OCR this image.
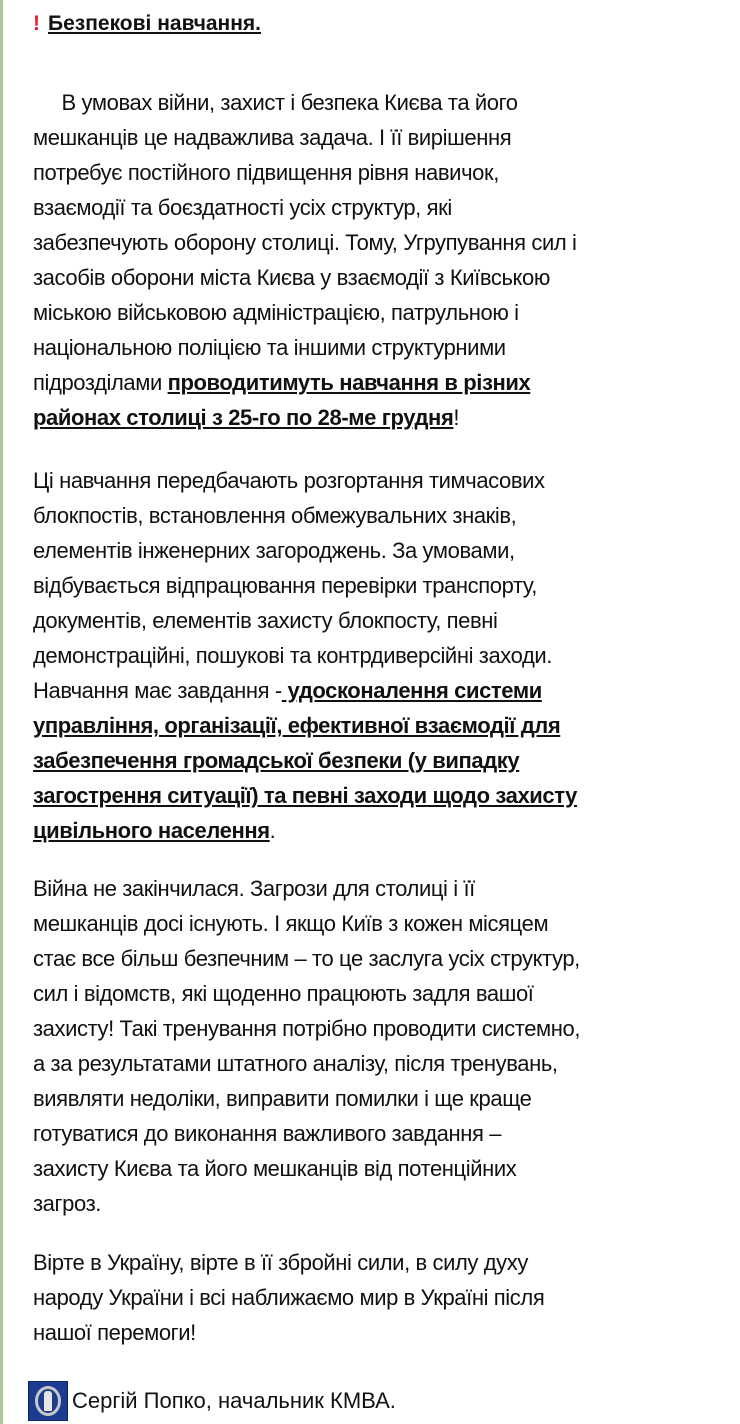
! Безпекові навчання.
В умовах війни, захист і безпека Києва та його
мешканців це надважлива задача. І її вирішення
потребує постійного підвищення рівня навичок,
взаємодії та боєздатності усіх структур, які
забезпечують оборону столиці. Тому, Угрупування сил і
засобів оборони міста Києва у взаємодії з Київською
міською військовою адміністрацією, патрульною і
національною поліцією та іншими структурними
підрозділами проводитимуть навчання в різних
районах столиці з 25-го по 28-ме грудня!
Ці навчання передбачають розгортання тимчасових
блокпостів, встановлення обмежувальних знаків,
елементів інженерних загороджень. За умовами,
відбувається відпрацювання перевірки транспорту,
документів, елементів захисту блокпосту, певні
демонстраційні, пошукові та контрдиверсійні заходи.
Навчання має завдання - удосконалення системи
управління, організації, ефективної взаємодії для
забезпечення громадської безпеки (у випадку
загострення ситуації) та певні заходи щодо захисту
цивільного населення.
Війна не закінчилася. Загрози для столиці і її
мешканців досі існують. І якщо Київ з кожен місяцем
стає все більш безпечним – то це заслуга усіх структур,
сил і відомств, які щоденно працюють задля вашої
захисту! Такі тренування потрібно проводити системно,
а за результатами штатного аналізу, після тренувань,
виявляти недоліки, виправити помилки і ще краще
готуватися до виконання важливого завдання –
захисту Києва та його мешканців від потенційних
загроз.
Вірте в Україну, вірте в її збройні сили, в силу духу
народу України і всі наближаємо мир в Україні після
нашої перемоги!
Сергій Попко, начальник КМВА.
